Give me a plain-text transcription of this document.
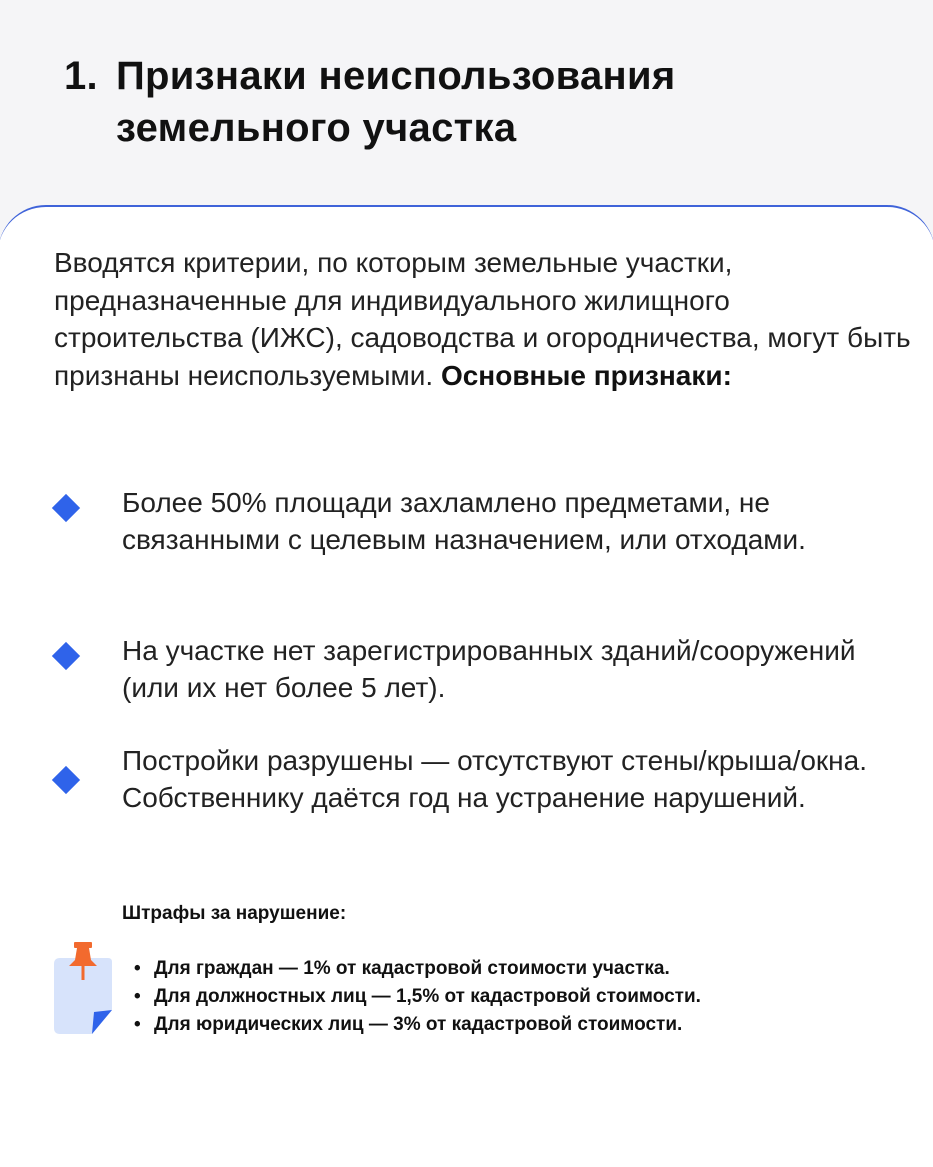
1. Признаки неиспользования
земельного участка

Вводятся критерии, по которым земельные участки, предназначенные для индивидуального жилищного строительства (ИЖС), садоводства и огородничества, могут быть признаны неиспользуемыми. Основные признаки:

Более 50% площади захламлено предметами, не связанными с целевым назначением, или отходами.

На участке нет зарегистрированных зданий/сооружений (или их нет более 5 лет).

Постройки разрушены — отсутствуют стены/крыша/окна. Собственнику даётся год на устранение нарушений.

Штрафы за нарушение:

• Для граждан — 1% от кадастровой стоимости участка.
• Для должностных лиц — 1,5% от кадастровой стоимости.
• Для юридических лиц — 3% от кадастровой стоимости.
